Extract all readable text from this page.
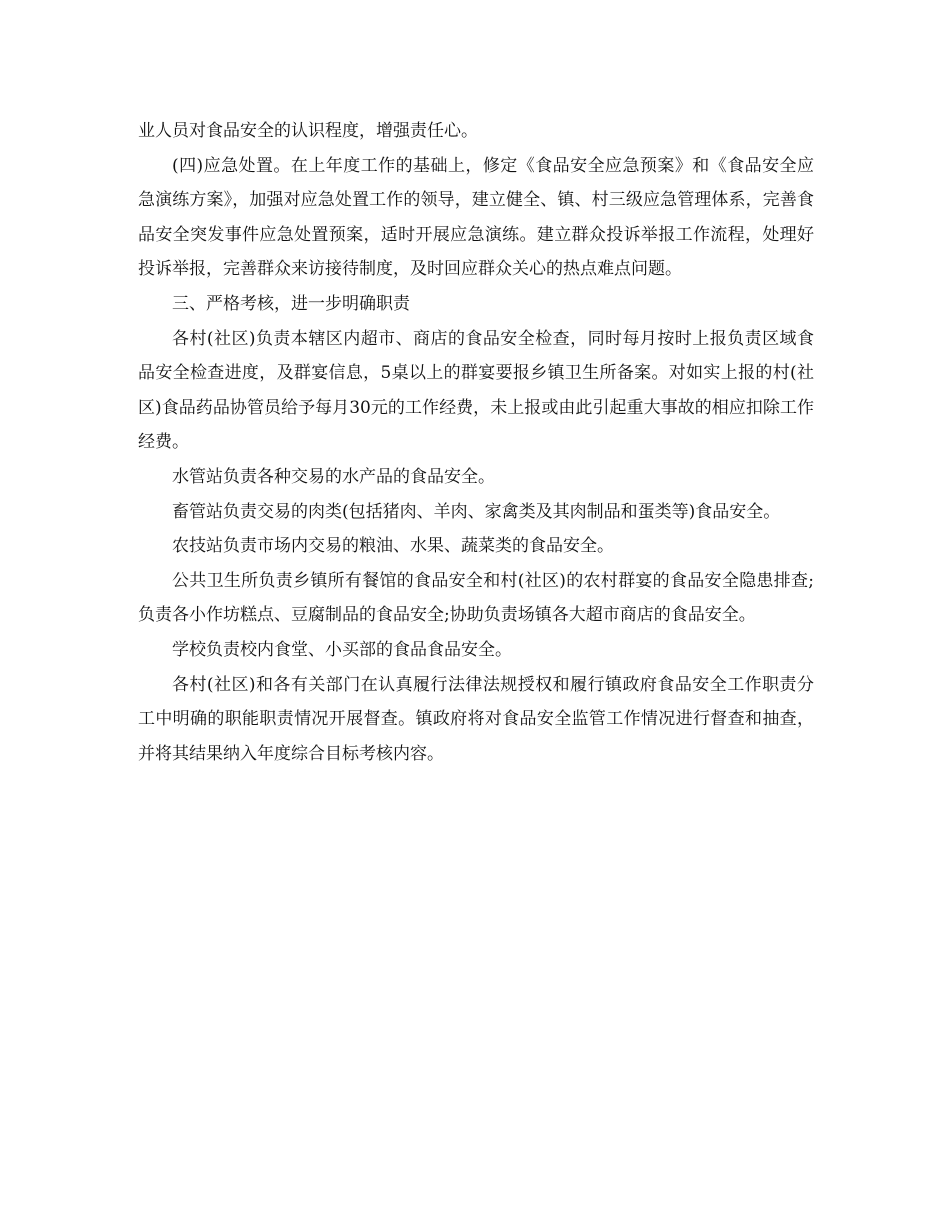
业人员对食品安全的认识程度，增强责任心。

(四)应急处置。在上年度工作的基础上，修定《食品安全应急预案》和《食品安全应急演练方案》，加强对应急处置工作的领导，建立健全、镇、村三级应急管理体系，完善食品安全突发事件应急处置预案，适时开展应急演练。建立群众投诉举报工作流程，处理好投诉举报，完善群众来访接待制度，及时回应群众关心的热点难点问题。

三、严格考核，进一步明确职责

各村(社区)负责本辖区内超市、商店的食品安全检查，同时每月按时上报负责区域食品安全检查进度，及群宴信息，5桌以上的群宴要报乡镇卫生所备案。对如实上报的村(社区)食品药品协管员给予每月30元的工作经费，未上报或由此引起重大事故的相应扣除工作经费。

水管站负责各种交易的水产品的食品安全。

畜管站负责交易的肉类(包括猪肉、羊肉、家禽类及其肉制品和蛋类等)食品安全。

农技站负责市场内交易的粮油、水果、蔬菜类的食品安全。

公共卫生所负责乡镇所有餐馆的食品安全和村(社区)的农村群宴的食品安全隐患排查;负责各小作坊糕点、豆腐制品的食品安全;协助负责场镇各大超市商店的食品安全。

学校负责校内食堂、小买部的食品食品安全。

各村(社区)和各有关部门在认真履行法律法规授权和履行镇政府食品安全工作职责分工中明确的职能职责情况开展督查。镇政府将对食品安全监管工作情况进行督查和抽查，并将其结果纳入年度综合目标考核内容。
